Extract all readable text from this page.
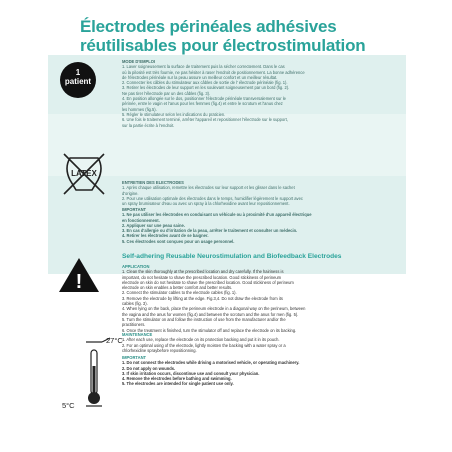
Électrodes périnéales adhésives
réutilisables pour électrostimulation
1
patient

MODE D'EMPLOI

1. Laver soigneusement la surface de traitement puis la sécher correctement. Dans le cas

où la pilosité est très fournie, ne pas hésiter à raser l'endroit de positionnement. La bonne adhérence

de l'électrodes périnéale sur la peau assure un meilleur confort et un meilleur résultat.

2. Connecter les câbles du stimulateur aux câbles de sortie de l' électrode périnéale (fig. 1).

3. Retirer les électrodes de leur support en les soulevant soigneusement par un bord (fig. 2).

Ne pas tirer l'électrode par un des câbles (fig. 3).

4. En position allongée sur le dos, positionner l'électrode périnéale transversalement sur le

périnée, entre le vagin et l'anus pour les femmes (fig.4) et entre le scrotum et l'anus chez

les hommes (fig.5).

5. Régler le stimulateur selon les indications du praticien.

6. Une fois le traitement terminé, arrêter l'appareil et repositionner l'électrode sur le support,

sur la partie écrite à l'endroit.

LATEX

ENTRETIEN DES ELECTRODES

1. Après chaque utilisation, remettre les électrodes sur leur support et les glisser dans le sachet

d'origine.

2. Pour une utilisation optimale des électrodes dans le temps, humidifier légèrement le support avec

un spray brumisateur d'eau ou avec un spray à la chlorhexidine avant leur repositionnement.

IMPORTANT

1. Ne pas utiliser les électrodes en conduisant un véhicule ou à proximité d'un appareil électrique

en fonctionnement.

2. Appliquer sur une peau saine.

3. En cas d'allergie ou d'irritation de la peau, arrêter le traitement et consulter un médecin.

4. Retirer les électrodes avant de se baigner.

5. Ces électrodes sont conçues pour un usage personnel.

!
Self-adhering Reusable Neurostimulation and Biofeedback Electrodes

APPLICATION

1. Clean the skin thoroughly at the prescribed location and dry carefully. If the hairiness is

important, do not hesitate to shave the prescribed location. Good stickiness of perineum

electrode on skin do not hesitate to shave the prescribed location. Good stickiness of perineum

electrode on skin enables a better comfort and better results.

2. Connect the stimulator cables to the electrode cables (fig. 1).

3. Remove the electrode by lifting at the edge. Fig.3,4. Do not draw the electrode from its

cables (fig. 3).

4. When lying on the back, place the perineum electrode in a diagonal way on the perineum, between

the vagina and the anus for women (fig.4) and between the scrotum and the anus for men (fig. 5).

5. Turn the stimulator on and follow the instruction of use from the manufacturer and/or the

practitioners.

6. Once the treatment is finished, turn the stimulator off and replace the electrode on its backing.

27°C
5°C

MAINTENANCE

1. After each use, replace the electrode on its protection backing and put it in its pouch.

2. For an optimal using of the electrode, lightly moisten the backing with a water spray or a

chlorhexidine spraybefore repositionning.

IMPORTANT

1. Do not connect the electrodes while driving a motorised vehicle, or operating machinery.

2. Do not apply on wounds.

3. If skin irritation occurs, discontinue use and consult your physician.

4. Remove the electrodes before bathing and swimming.

5. The electrodes are intended for single patient use only.
